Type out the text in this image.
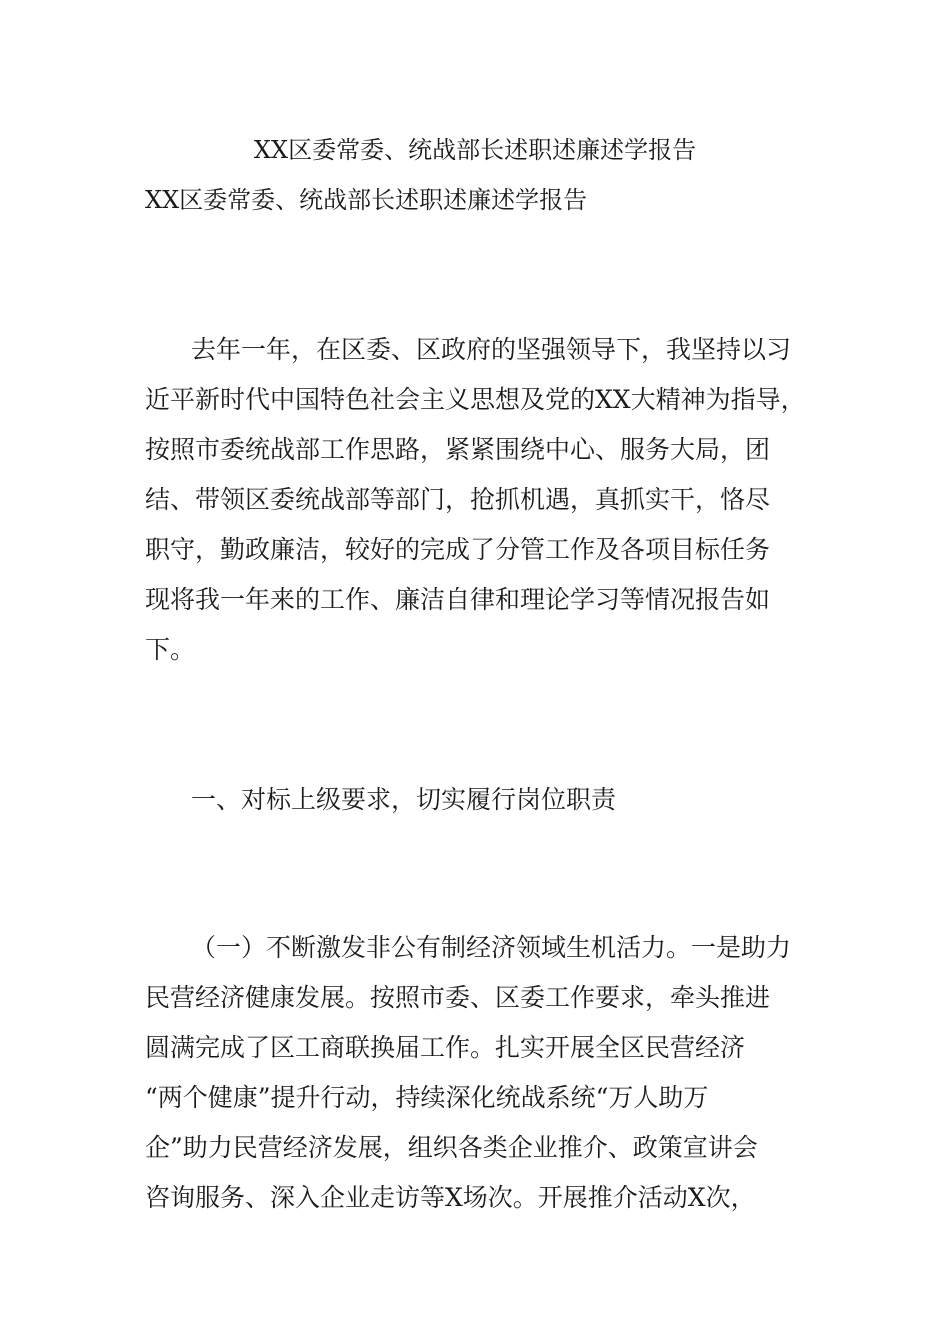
XX区委常委、统战部长述职述廉述学报告
XX区委常委、统战部长述职述廉述学报告
去年一年，在区委、区政府的坚强领导下，我坚持以习
近平新时代中国特色社会主义思想及党的XX大精神为指导，
按照市委统战部工作思路，紧紧围绕中心、服务大局，团
结、带领区委统战部等部门，抢抓机遇，真抓实干，恪尽
职守，勤政廉洁，较好的完成了分管工作及各项目标任务
现将我一年来的工作、廉洁自律和理论学习等情况报告如
下。
一、对标上级要求，切实履行岗位职责
（一）不断激发非公有制经济领域生机活力。一是助力
民营经济健康发展。按照市委、区委工作要求，牵头推进
圆满完成了区工商联换届工作。扎实开展全区民营经济
“两个健康”提升行动，持续深化统战系统“万人助万
企”助力民营经济发展，组织各类企业推介、政策宣讲会
咨询服务、深入企业走访等X场次。开展推介活动X次，
